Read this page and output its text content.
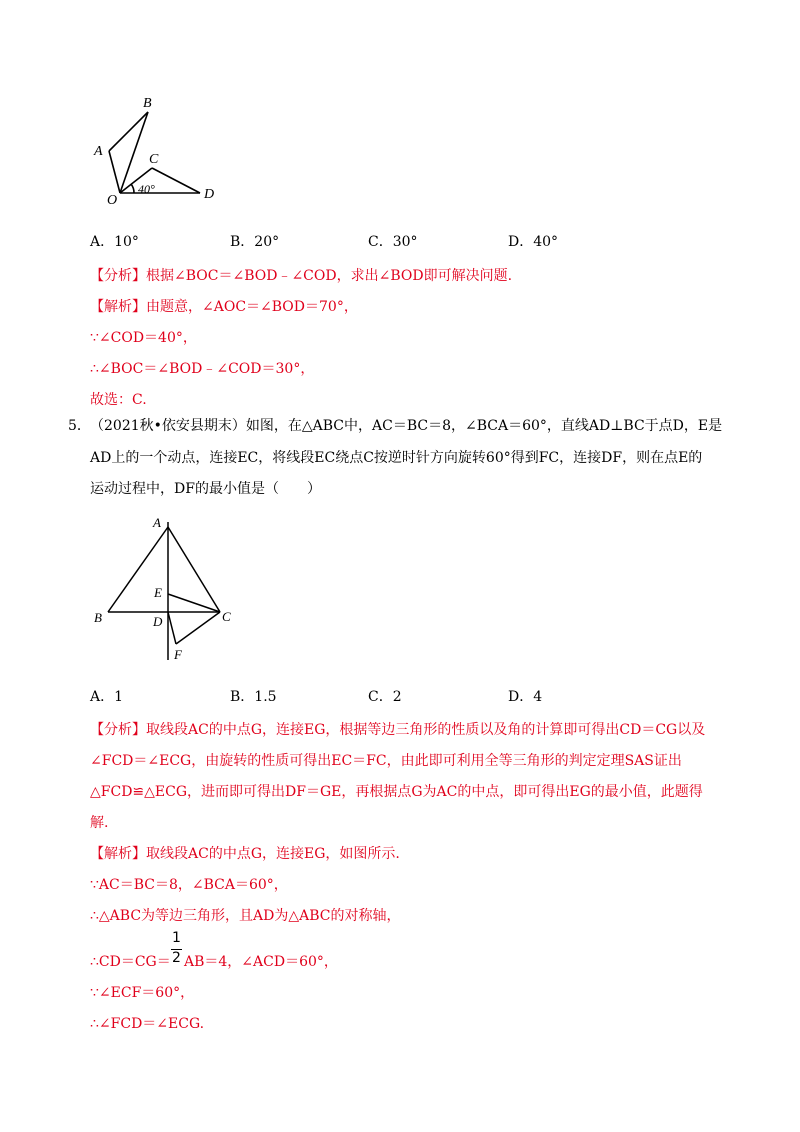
B
A
C
O	D
40°
A．10°	B．20°	C．30°	D．40°
【分析】根据∠BOC＝∠BOD﹣∠COD，求出∠BOD即可解决问题.
【解析】由题意，∠AOC＝∠BOD＝70°，
∵∠COD＝40°，
∴∠BOC＝∠BOD﹣∠COD＝30°，
故选：C.
5． （2021秋•依安县期末）如图，在△ABC中，AC＝BC＝8，∠BCA＝60°，直线AD⊥BC于点D，E是
AD上的一个动点，连接EC，将线段EC绕点C按逆时针方向旋转60°得到FC，连接DF，则在点E的
运动过程中，DF的最小值是（　　）
A
E
B	D	C
F
A．1	B．1.5	C．2	D．4
【分析】取线段AC的中点G，连接EG，根据等边三角形的性质以及角的计算即可得出CD＝CG以及
∠FCD＝∠ECG，由旋转的性质可得出EC＝FC，由此即可利用全等三角形的判定定理SAS证出
△FCD≌△ECG，进而即可得出DF＝GE，再根据点G为AC的中点，即可得出EG的最小值，此题得
解.
【解析】取线段AC的中点G，连接EG，如图所示.
∵AC＝BC＝8，∠BCA＝60°，
∴△ABC为等边三角形，且AD为△ABC的对称轴，
∴CD＝CG＝
1
2 AB＝4，∠ACD＝60°，
∵∠ECF＝60°，
∴∠FCD＝∠ECG.
